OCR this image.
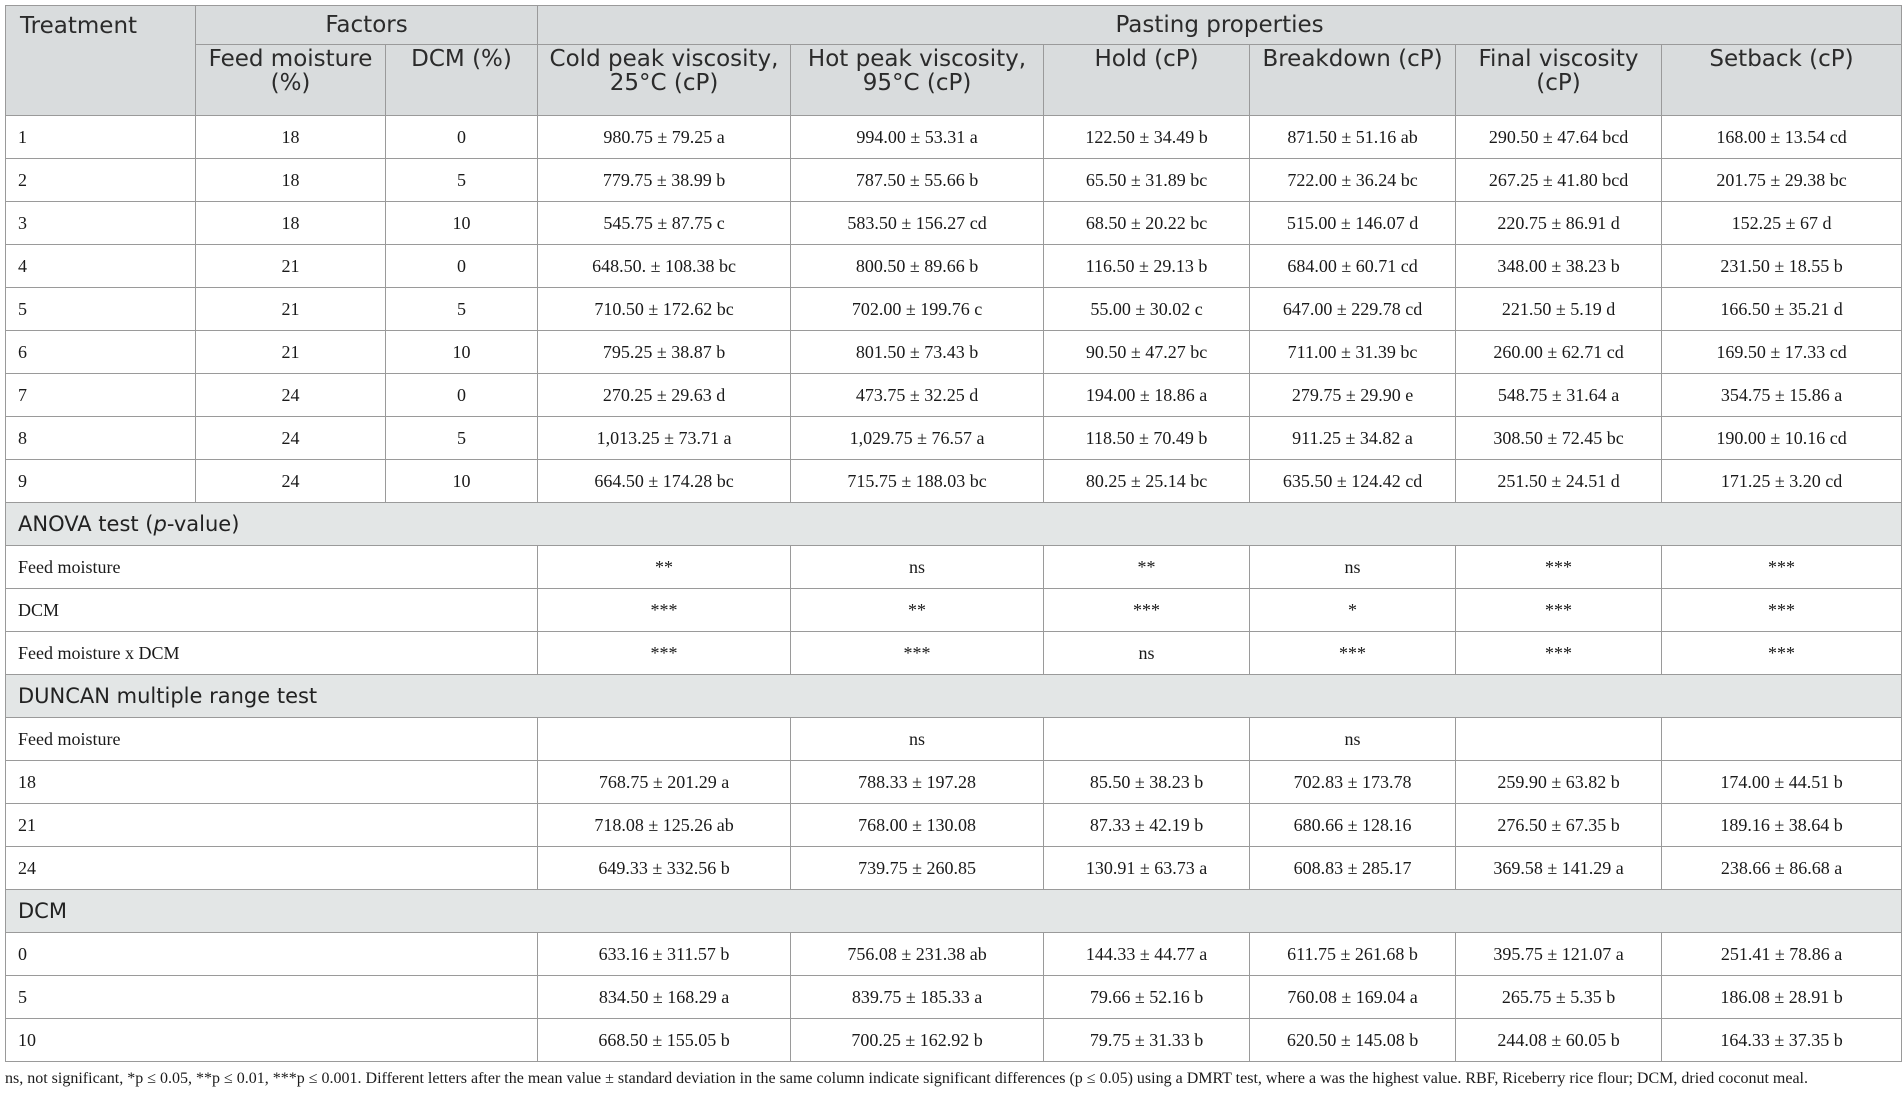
Treatment	Factors		Pasting properties					
	Feed moisture (%)	DCM (%)	Cold peak viscosity, 25°C (cP)	Hot peak viscosity, 95°C (cP)	Hold (cP)	Breakdown (cP)	Final viscosity (cP)	Setback (cP)
1	18	0	980.75 ± 79.25 a	994.00 ± 53.31 a	122.50 ± 34.49 b	871.50 ± 51.16 ab	290.50 ± 47.64 bcd	168.00 ± 13.54 cd
2	18	5	779.75 ± 38.99 b	787.50 ± 55.66 b	65.50 ± 31.89 bc	722.00 ± 36.24 bc	267.25 ± 41.80 bcd	201.75 ± 29.38 bc
3	18	10	545.75 ± 87.75 c	583.50 ± 156.27 cd	68.50 ± 20.22 bc	515.00 ± 146.07 d	220.75 ± 86.91 d	152.25 ± 67 d
4	21	0	648.50. ± 108.38 bc	800.50 ± 89.66 b	116.50 ± 29.13 b	684.00 ± 60.71 cd	348.00 ± 38.23 b	231.50 ± 18.55 b
5	21	5	710.50 ± 172.62 bc	702.00 ± 199.76 c	55.00 ± 30.02 c	647.00 ± 229.78 cd	221.50 ± 5.19 d	166.50 ± 35.21 d
6	21	10	795.25 ± 38.87 b	801.50 ± 73.43 b	90.50 ± 47.27 bc	711.00 ± 31.39 bc	260.00 ± 62.71 cd	169.50 ± 17.33 cd
7	24	0	270.25 ± 29.63 d	473.75 ± 32.25 d	194.00 ± 18.86 a	279.75 ± 29.90 e	548.75 ± 31.64 a	354.75 ± 15.86 a
8	24	5	1,013.25 ± 73.71 a	1,029.75 ± 76.57 a	118.50 ± 70.49 b	911.25 ± 34.82 a	308.50 ± 72.45 bc	190.00 ± 10.16 cd
9	24	10	664.50 ± 174.28 bc	715.75 ± 188.03 bc	80.25 ± 25.14 bc	635.50 ± 124.42 cd	251.50 ± 24.51 d	171.25 ± 3.20 cd
ANOVA test (p-value)								
Feed moisture			**	ns	**	ns	***	***
DCM			***	**	***	*	***	***
Feed moisture x DCM			***	***	ns	***	***	***
DUNCAN multiple range test								
Feed moisture				ns		ns		
18			768.75 ± 201.29 a	788.33 ± 197.28	85.50 ± 38.23 b	702.83 ± 173.78	259.90 ± 63.82 b	174.00 ± 44.51 b
21			718.08 ± 125.26 ab	768.00 ± 130.08	87.33 ± 42.19 b	680.66 ± 128.16	276.50 ± 67.35 b	189.16 ± 38.64 b
24			649.33 ± 332.56 b	739.75 ± 260.85	130.91 ± 63.73 a	608.83 ± 285.17	369.58 ± 141.29 a	238.66 ± 86.68 a
DCM								
0			633.16 ± 311.57 b	756.08 ± 231.38 ab	144.33 ± 44.77 a	611.75 ± 261.68 b	395.75 ± 121.07 a	251.41 ± 78.86 a
5			834.50 ± 168.29 a	839.75 ± 185.33 a	79.66 ± 52.16 b	760.08 ± 169.04 a	265.75 ± 5.35 b	186.08 ± 28.91 b
10			668.50 ± 155.05 b	700.25 ± 162.92 b	79.75 ± 31.33 b	620.50 ± 145.08 b	244.08 ± 60.05 b	164.33 ± 37.35 b
ns, not significant, *p ≤ 0.05, **p ≤ 0.01, ***p ≤ 0.001. Different letters after the mean value ± standard deviation in the same column indicate significant differences (p ≤ 0.05) using a DMRT test, where a was the highest value. RBF, Riceberry rice flour; DCM, dried coconut meal.
